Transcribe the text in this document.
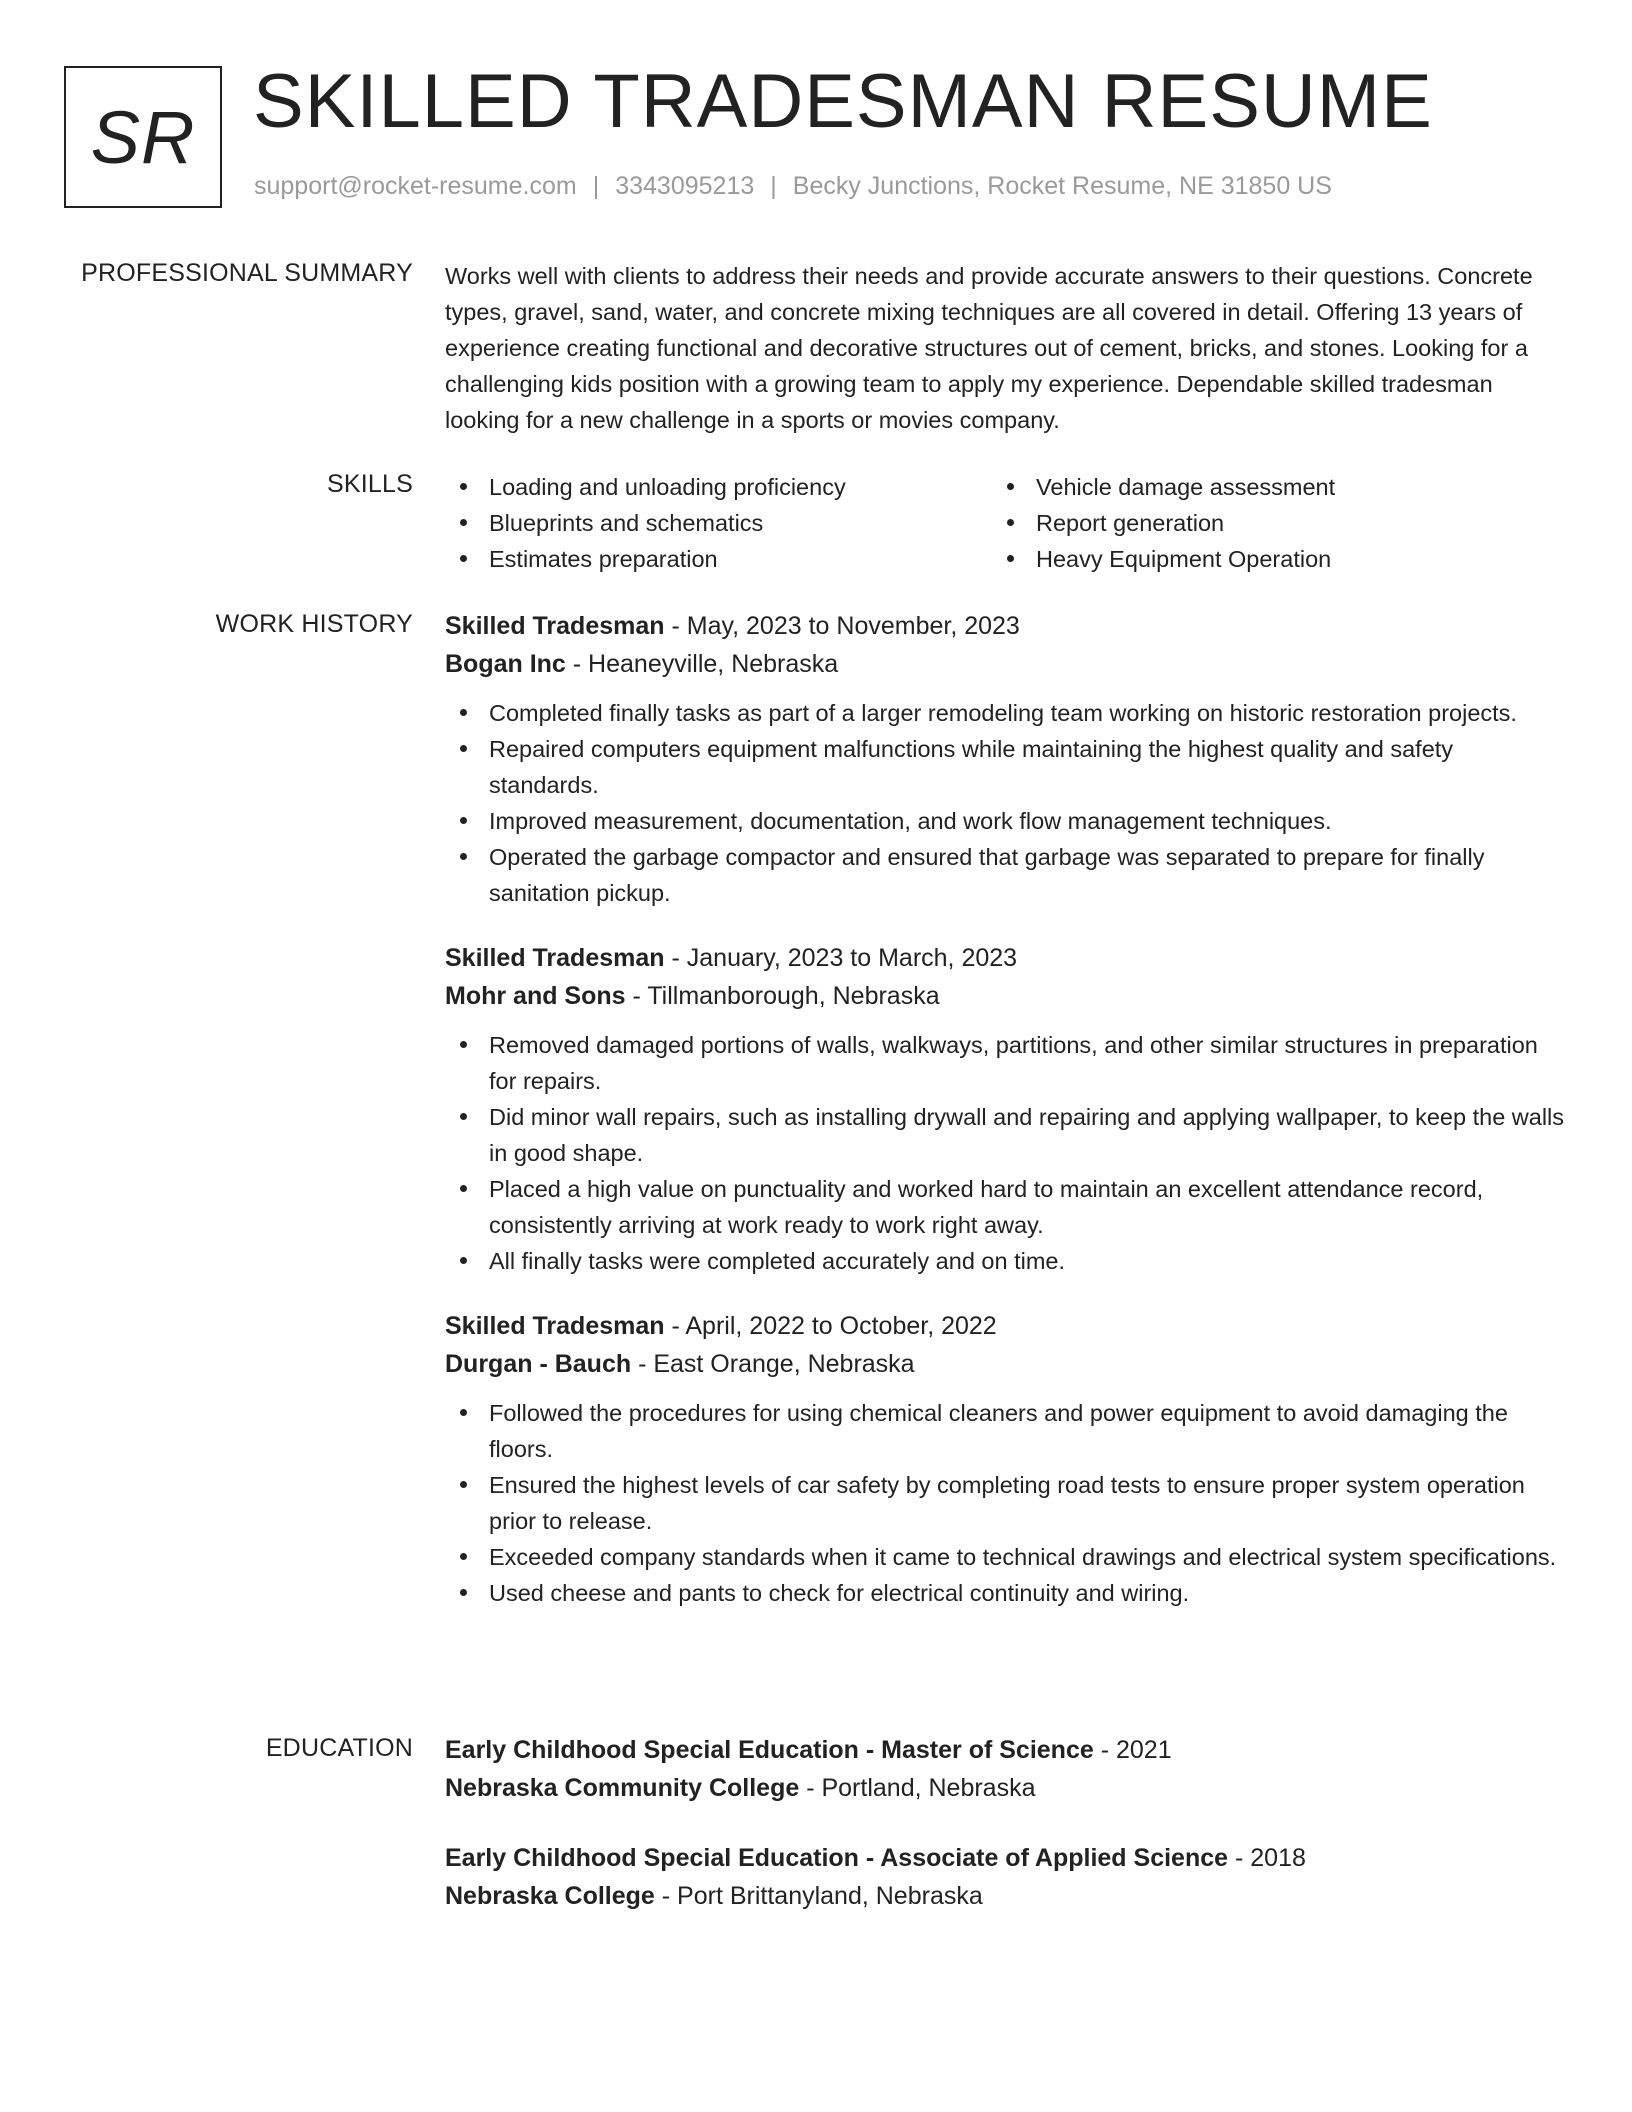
SR SKILLED TRADESMAN RESUME
support@rocket-resume.com | 3343095213 | Becky Junctions, Rocket Resume, NE 31850 US
PROFESSIONAL SUMMARY Works well with clients to address their needs and provide accurate answers to their questions. Concrete types, gravel, sand, water, and concrete mixing techniques are all covered in detail. Offering 13 years of experience creating functional and decorative structures out of cement, bricks, and stones. Looking for a challenging kids position with a growing team to apply my experience. Dependable skilled tradesman looking for a new challenge in a sports or movies company.

SKILLS	Loading and unloading proficiency
Blueprints and schematics
Estimates preparation
Vehicle damage assessment
Report generation
Heavy Equipment Operation
WORK HISTORY Skilled Tradesman - May, 2023 to November, 2023
Bogan Inc - Heaneyville, Nebraska
Completed finally tasks as part of a larger remodeling team working on historic restoration projects.
Repaired computers equipment malfunctions while maintaining the highest quality and safety standards.
Improved measurement, documentation, and work flow management techniques.
Operated the garbage compactor and ensured that garbage was separated to prepare for finally sanitation pickup.
Skilled Tradesman - January, 2023 to March, 2023
Mohr and Sons - Tillmanborough, Nebraska
Removed damaged portions of walls, walkways, partitions, and other similar structures in preparation for repairs.
Did minor wall repairs, such as installing drywall and repairing and applying wallpaper, to keep the walls in good shape.
Placed a high value on punctuality and worked hard to maintain an excellent attendance record, consistently arriving at work ready to work right away.
All finally tasks were completed accurately and on time.
Skilled Tradesman - April, 2022 to October, 2022
Durgan - Bauch - East Orange, Nebraska
Followed the procedures for using chemical cleaners and power equipment to avoid damaging the floors.
Ensured the highest levels of car safety by completing road tests to ensure proper system operation prior to release.
Exceeded company standards when it came to technical drawings and electrical system specifications.
Used cheese and pants to check for electrical continuity and wiring.
EDUCATION Early Childhood Special Education - Master of Science - 2021
Nebraska Community College - Portland, Nebraska
Early Childhood Special Education - Associate of Applied Science - 2018
Nebraska College - Port Brittanyland, Nebraska
